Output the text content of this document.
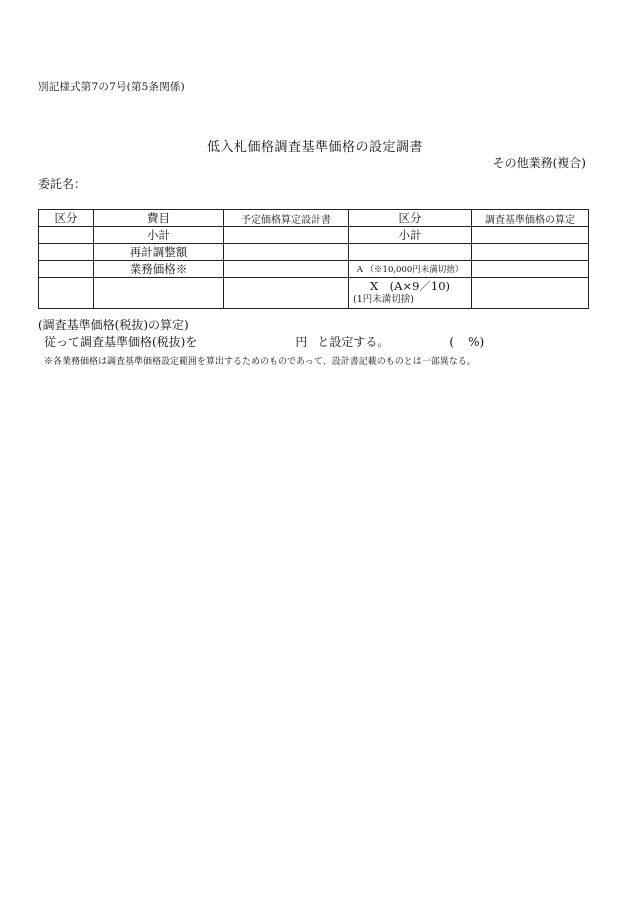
別記様式第7の7号(第5条関係)
低入札価格調査基準価格の設定調書
その他業務(複合)
委託名：
区分	費目	予定価格算定設計書	区分	調査基準価格の算定
	小計		小計	
	再計調整額			
	業務価格※		A （※10,000円未満切捨）	

			X　(A×9／10)
(1円未満切捨)	

(調査基準価格(税抜)の算定)
従って調査基準価格(税抜)を	円 と設定する。	( %)
※各業務価格は調査基準価格設定範囲を算出するためのものであって、設計書記載のものとは一部異なる。
